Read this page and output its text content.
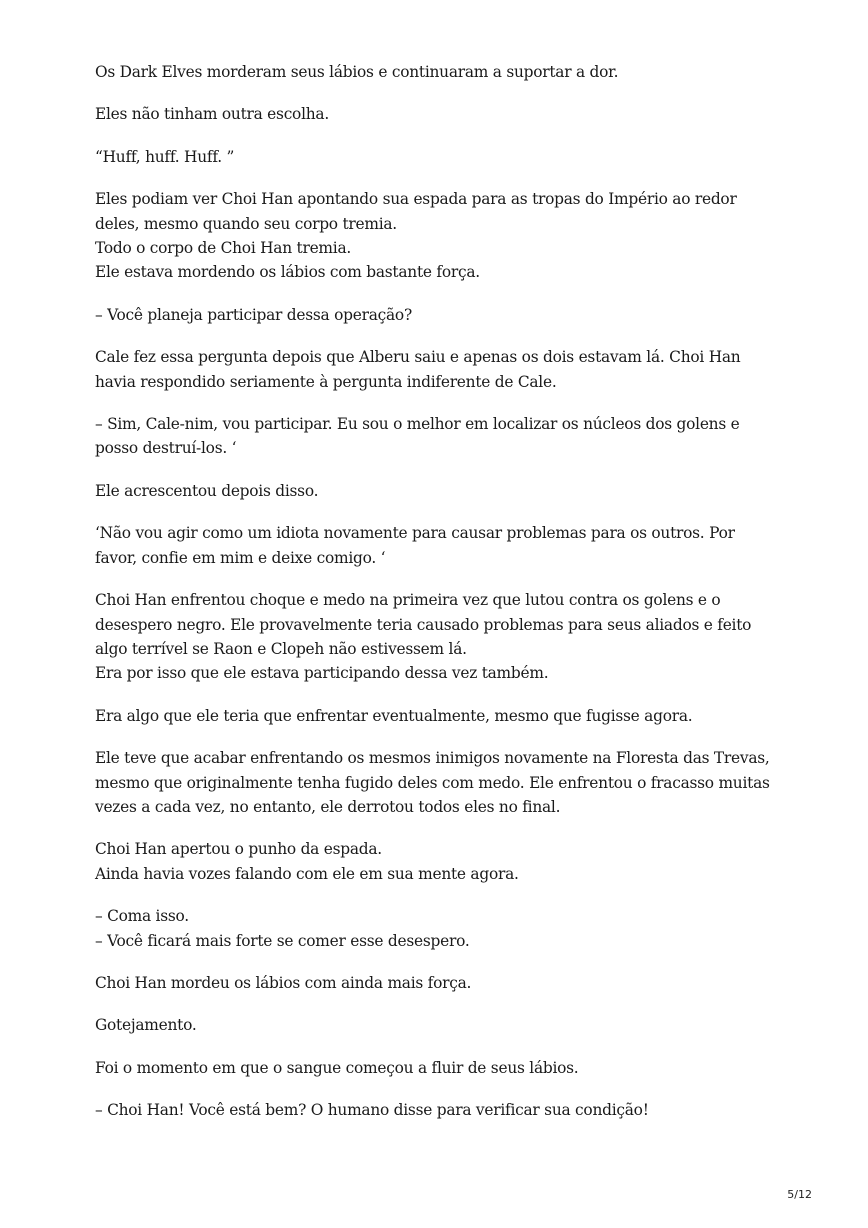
Os Dark Elves morderam seus lábios e continuaram a suportar a dor.

Eles não tinham outra escolha.

“Huff, huff. Huff. ”

Eles podiam ver Choi Han apontando sua espada para as tropas do Império ao redor
deles, mesmo quando seu corpo tremia.
Todo o corpo de Choi Han tremia.
Ele estava mordendo os lábios com bastante força.

– Você planeja participar dessa operação?

Cale fez essa pergunta depois que Alberu saiu e apenas os dois estavam lá. Choi Han
havia respondido seriamente à pergunta indiferente de Cale.

– Sim, Cale-nim, vou participar. Eu sou o melhor em localizar os núcleos dos golens e
posso destruí-los. ‘

Ele acrescentou depois disso.

‘Não vou agir como um idiota novamente para causar problemas para os outros. Por
favor, confie em mim e deixe comigo. ‘

Choi Han enfrentou choque e medo na primeira vez que lutou contra os golens e o
desespero negro. Ele provavelmente teria causado problemas para seus aliados e feito
algo terrível se Raon e Clopeh não estivessem lá.
Era por isso que ele estava participando dessa vez também.

Era algo que ele teria que enfrentar eventualmente, mesmo que fugisse agora.

Ele teve que acabar enfrentando os mesmos inimigos novamente na Floresta das Trevas,
mesmo que originalmente tenha fugido deles com medo. Ele enfrentou o fracasso muitas
vezes a cada vez, no entanto, ele derrotou todos eles no final.

Choi Han apertou o punho da espada.
Ainda havia vozes falando com ele em sua mente agora.

– Coma isso.
– Você ficará mais forte se comer esse desespero.

Choi Han mordeu os lábios com ainda mais força.

Gotejamento.

Foi o momento em que o sangue começou a fluir de seus lábios.

– Choi Han! Você está bem? O humano disse para verificar sua condição!

5/12
